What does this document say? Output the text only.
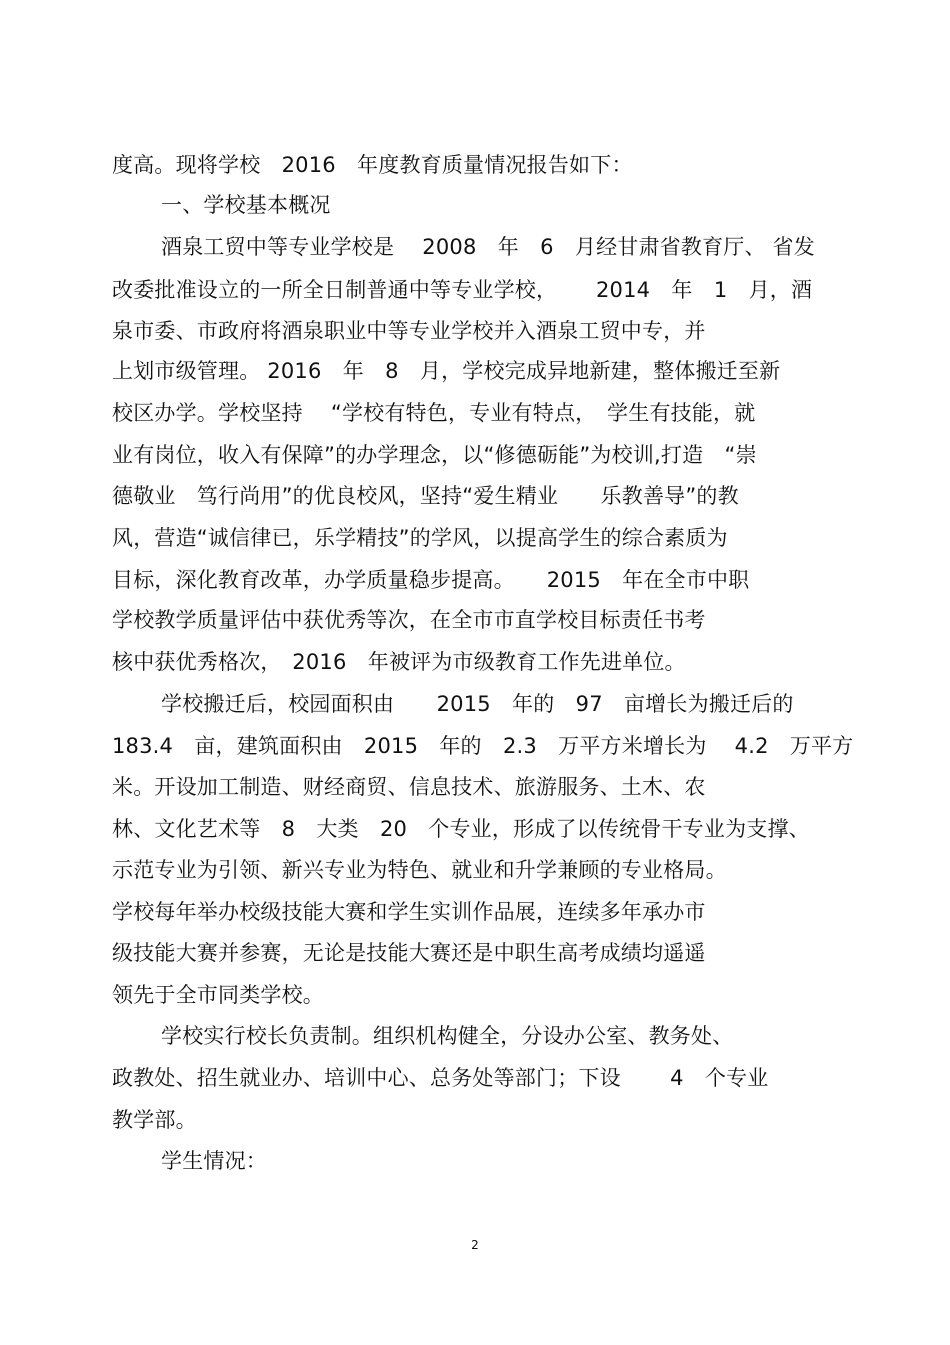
度高。现将学校　2016　年度教育质量情况报告如下：
一、学校基本概况
酒泉工贸中等专业学校是　 2008　年　6　月经甘肃省教育厅、 省发
改委批准设立的一所全日制普通中等专业学校，　　 2014　年　1　月，酒
泉市委、市政府将酒泉职业中等专业学校并入酒泉工贸中专，并
上划市级管理。 2016　年　8　月，学校完成异地新建，整体搬迁至新
校区办学。学校坚持　 “学校有特色，专业有特点，　学生有技能，就
业有岗位，收入有保障”的办学理念，以“修德砺能”为校训,打造　“崇
德敬业　笃行尚用”的优良校风，坚持“爱生精业　　乐教善导”的教
风，营造“诚信律已，乐学精技”的学风，以提高学生的综合素质为
目标，深化教育改革，办学质量稳步提高。　　2015　年在全市中职
学校教学质量评估中获优秀等次，在全市市直学校目标责任书考
核中获优秀格次，　2016　年被评为市级教育工作先进单位。
学校搬迁后，校园面积由　　2015　年的　97　亩增长为搬迁后的
183.4　亩，建筑面积由　2015　年的　2.3　万平方米增长为　 4.2　万平方
米。开设加工制造、财经商贸、信息技术、旅游服务、土木、农
林、文化艺术等　8　大类　20　个专业，形成了以传统骨干专业为支撑、
示范专业为引领、新兴专业为特色、就业和升学兼顾的专业格局。
学校每年举办校级技能大赛和学生实训作品展，连续多年承办市
级技能大赛并参赛，无论是技能大赛还是中职生高考成绩均遥遥
领先于全市同类学校。
学校实行校长负责制。组织机构健全，分设办公室、教务处、
政教处、招生就业办、培训中心、总务处等部门；下设　　 4　个专业
教学部。
学生情况：
2
